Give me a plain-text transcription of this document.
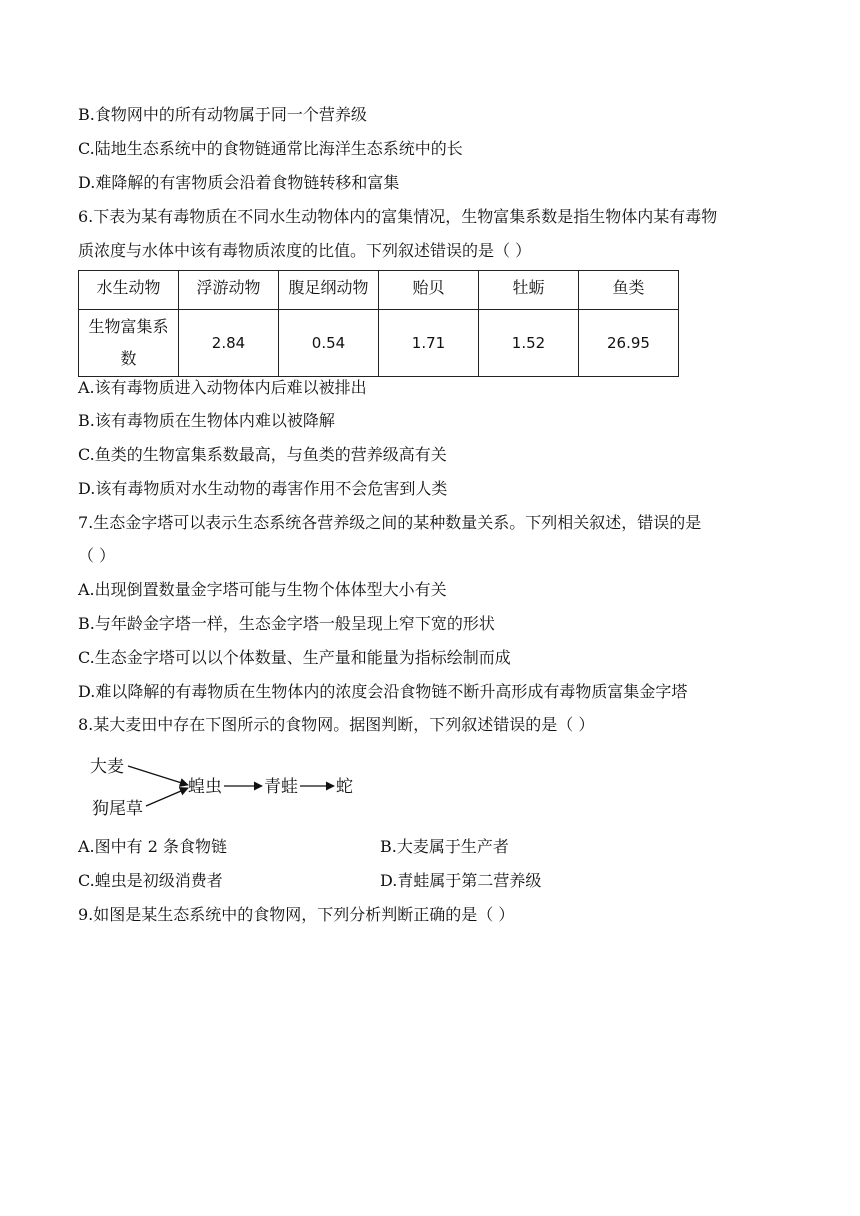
B.食物网中的所有动物属于同一个营养级
C.陆地生态系统中的食物链通常比海洋生态系统中的长
D.难降解的有害物质会沿着食物链转移和富集
6.下表为某有毒物质在不同水生动物体内的富集情况，生物富集系数是指生物体内某有毒物
质浓度与水体中该有毒物质浓度的比值。下列叙述错误的是（ ）
水生动物	浮游动物	腹足纲动物	贻贝	牡蛎	鱼类
生物富集系
数	2.84	0.54	1.71	1.52	26.95
A.该有毒物质进入动物体内后难以被排出
B.该有毒物质在生物体内难以被降解
C.鱼类的生物富集系数最高，与鱼类的营养级高有关
D.该有毒物质对水生动物的毒害作用不会危害到人类
7.生态金字塔可以表示生态系统各营养级之间的某种数量关系。下列相关叙述，错误的是
（ ）
A.出现倒置数量金字塔可能与生物个体体型大小有关
B.与年龄金字塔一样，生态金字塔一般呈现上窄下宽的形状
C.生态金字塔可以以个体数量、生产量和能量为指标绘制而成
D.难以降解的有毒物质在生物体内的浓度会沿食物链不断升高形成有毒物质富集金字塔
8.某大麦田中存在下图所示的食物网。据图判断，下列叙述错误的是（ ）
大麦
狗尾草
蝗虫 青蛙 蛇
A.图中有 2 条食物链	B.大麦属于生产者
C.蝗虫是初级消费者	D.青蛙属于第二营养级
9.如图是某生态系统中的食物网，下列分析判断正确的是（ ）
